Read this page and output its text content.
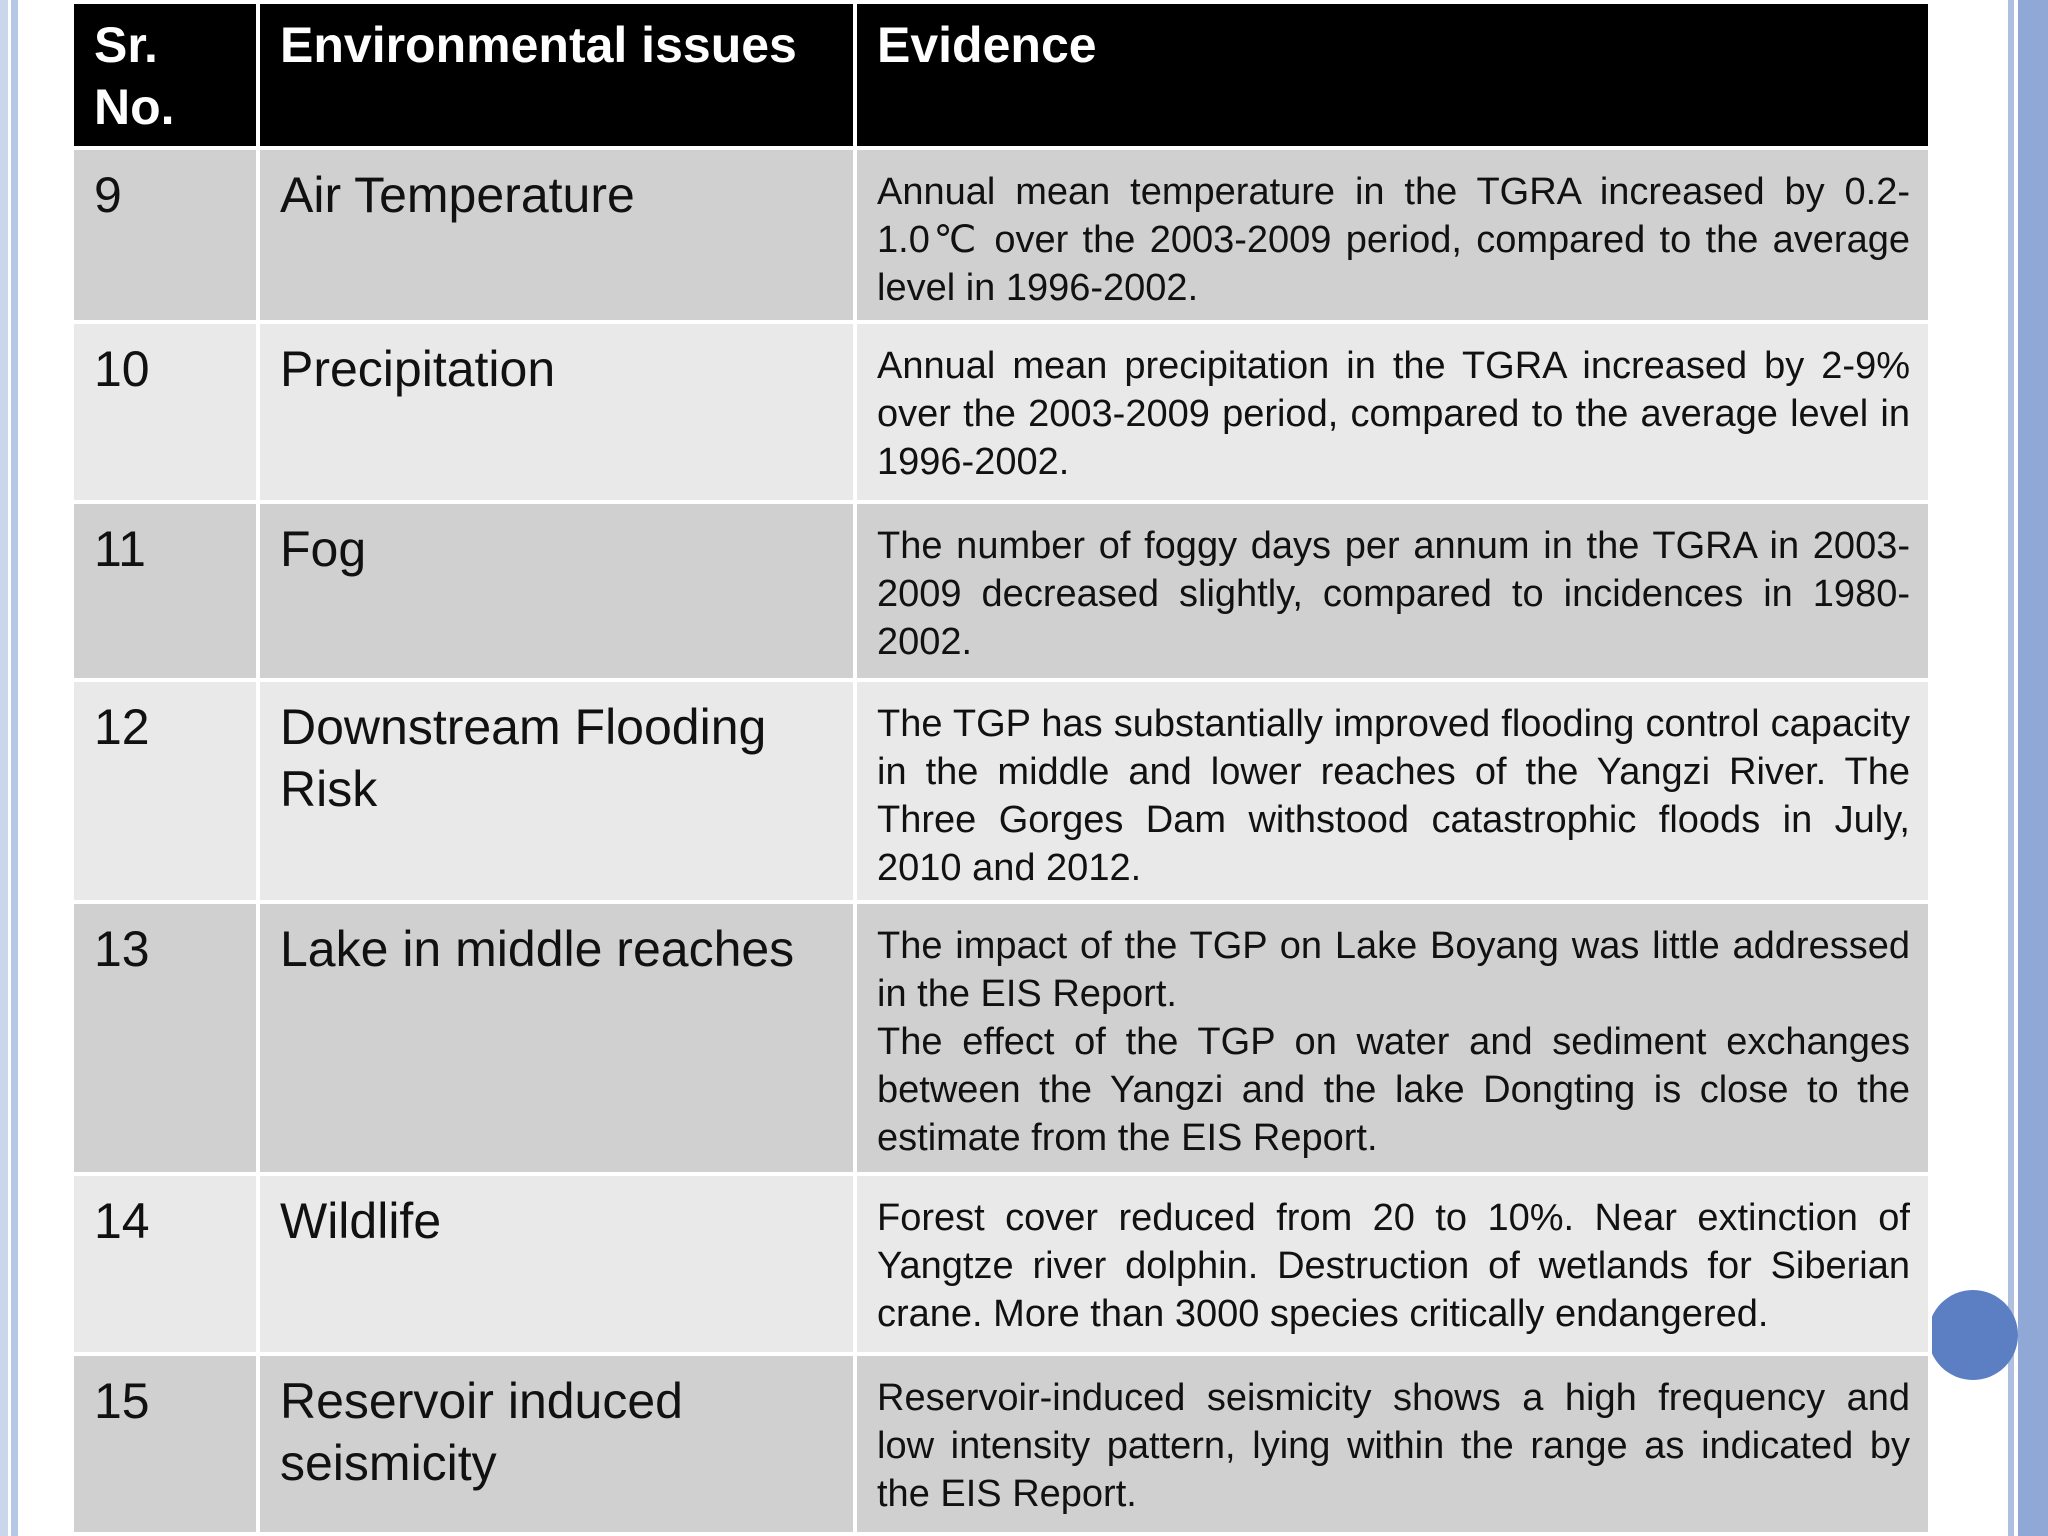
Sr. No.	Environmental issues	Evidence
9	Air Temperature	Annual mean temperature in the TGRA increased by 0.2-1.0℃ over the 2003-2009 period, compared to the average level in 1996-2002.

10	Precipitation	Annual mean precipitation in the TGRA increased by 2-9% over the 2003-2009 period, compared to the average level in 1996-2002.

11	Fog	The number of foggy days per annum in the TGRA in 2003-2009 decreased slightly, compared to incidences in 1980-2002.

12	Downstream Flooding Risk	The TGP has substantially improved flooding control capacity in the middle and lower reaches of the Yangzi River. The Three Gorges Dam withstood catastrophic floods in July, 2010 and 2012.

13	Lake in middle reaches	The impact of the TGP on Lake Boyang was little addressed in the EIS Report.
The effect of the TGP on water and sediment exchanges between the Yangzi and the lake Dongting is close to the estimate from the EIS Report.

14	Wildlife	Forest cover reduced from 20 to 10%. Near extinction of Yangtze river dolphin. Destruction of wetlands for Siberian crane. More than 3000 species critically endangered.

15	Reservoir induced seismicity	Reservoir-induced seismicity shows a high frequency and low intensity pattern, lying within the range as indicated by the EIS Report.
